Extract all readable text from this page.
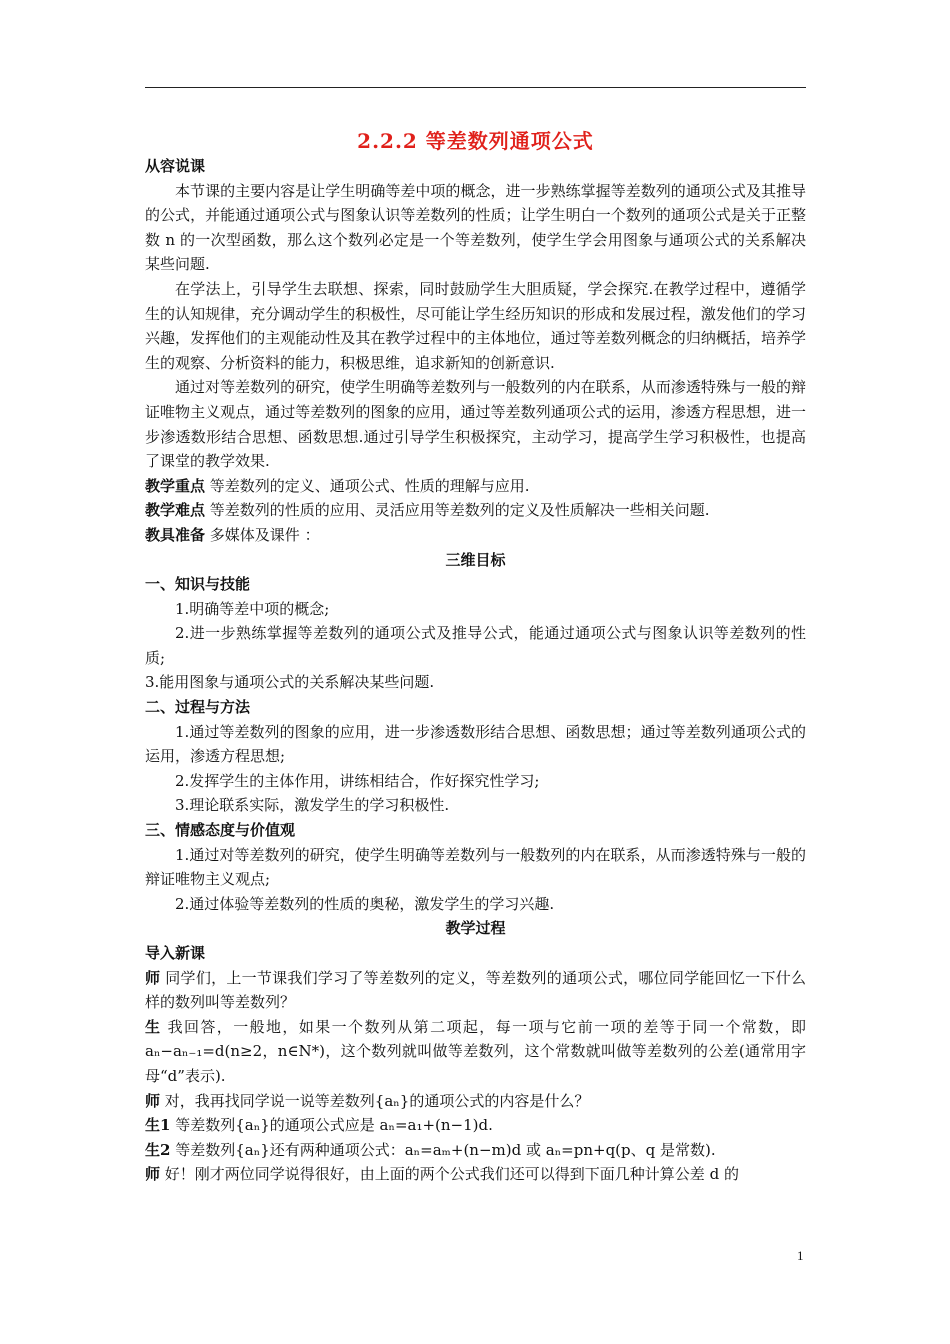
2.2.2 等差数列通项公式
从容说课

本节课的主要内容是让学生明确等差中项的概念，进一步熟练掌握等差数列的通项公式及其推导的公式，并能通过通项公式与图象认识等差数列的性质；让学生明白一个数列的通项公式是关于正整数 n 的一次型函数，那么这个数列必定是一个等差数列，使学生学会用图象与通项公式的关系解决某些问题.

在学法上，引导学生去联想、探索，同时鼓励学生大胆质疑，学会探究.在教学过程中，遵循学生的认知规律，充分调动学生的积极性，尽可能让学生经历知识的形成和发展过程，激发他们的学习兴趣，发挥他们的主观能动性及其在教学过程中的主体地位，通过等差数列概念的归纳概括，培养学生的观察、分析资料的能力，积极思维，追求新知的创新意识.

通过对等差数列的研究，使学生明确等差数列与一般数列的内在联系，从而渗透特殊与一般的辩证唯物主义观点，通过等差数列的图象的应用，通过等差数列通项公式的运用，渗透方程思想，进一步渗透数形结合思想、函数思想.通过引导学生积极探究，主动学习，提高学生学习积极性，也提高了课堂的教学效果.

教学重点 等差数列的定义、通项公式、性质的理解与应用.

教学难点 等差数列的性质的应用、灵活应用等差数列的定义及性质解决一些相关问题.

教具准备 多媒体及课件 ：

三维目标
一、知识与技能

1.明确等差中项的概念;

2.进一步熟练掌握等差数列的通项公式及推导公式，能通过通项公式与图象认识等差数列的性质;

3.能用图象与通项公式的关系解决某些问题.

二、过程与方法

1.通过等差数列的图象的应用，进一步渗透数形结合思想、函数思想；通过等差数列通项公式的运用，渗透方程思想;

2.发挥学生的主体作用，讲练相结合，作好探究性学习;

3.理论联系实际，激发学生的学习积极性.

三、情感态度与价值观

1.通过对等差数列的研究，使学生明确等差数列与一般数列的内在联系，从而渗透特殊与一般的辩证唯物主义观点;

2.通过体验等差数列的性质的奥秘，激发学生的学习兴趣.

教学过程
导入新课

师 同学们，上一节课我们学习了等差数列的定义，等差数列的通项公式，哪位同学能回忆一下什么样的数列叫等差数列？

生 我回答，一般地，如果一个数列从第二项起，每一项与它前一项的差等于同一个常数，即 aₙ−aₙ₋₁=d(n≥2，n∈N*)，这个数列就叫做等差数列，这个常数就叫做等差数列的公差(通常用字母“d”表示).

师 对，我再找同学说一说等差数列{aₙ}的通项公式的内容是什么？

生1 等差数列{aₙ}的通项公式应是 aₙ=a₁+(n−1)d.

生2 等差数列{aₙ}还有两种通项公式：aₙ=aₘ+(n−m)d 或 aₙ=pn+q(p、q 是常数).

师 好！刚才两位同学说得很好，由上面的两个公式我们还可以得到下面几种计算公差 d 的

1
